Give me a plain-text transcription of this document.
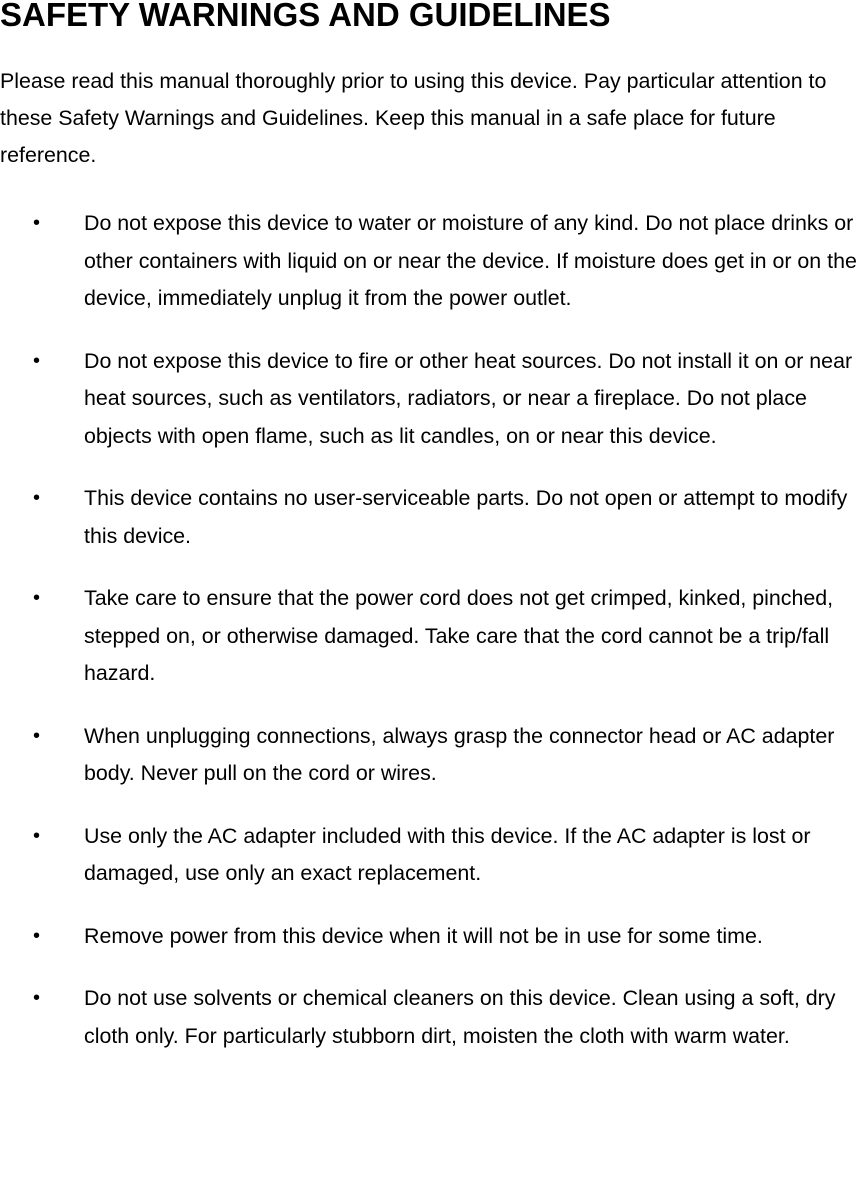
SAFETY WARNINGS AND GUIDELINES

Please read this manual thoroughly prior to using this device. Pay particular attention to these Safety Warnings and Guidelines. Keep this manual in a safe place for future reference.

• Do not expose this device to water or moisture of any kind. Do not place drinks or other containers with liquid on or near the device. If moisture does get in or on the device, immediately unplug it from the power outlet.
• Do not expose this device to fire or other heat sources. Do not install it on or near heat sources, such as ventilators, radiators, or near a fireplace. Do not place objects with open flame, such as lit candles, on or near this device.
• This device contains no user-serviceable parts. Do not open or attempt to modify this device.
• Take care to ensure that the power cord does not get crimped, kinked, pinched, stepped on, or otherwise damaged. Take care that the cord cannot be a trip/fall hazard.
• When unplugging connections, always grasp the connector head or AC adapter body. Never pull on the cord or wires.
• Use only the AC adapter included with this device. If the AC adapter is lost or damaged, use only an exact replacement.
• Remove power from this device when it will not be in use for some time.
• Do not use solvents or chemical cleaners on this device. Clean using a soft, dry cloth only. For particularly stubborn dirt, moisten the cloth with warm water.
